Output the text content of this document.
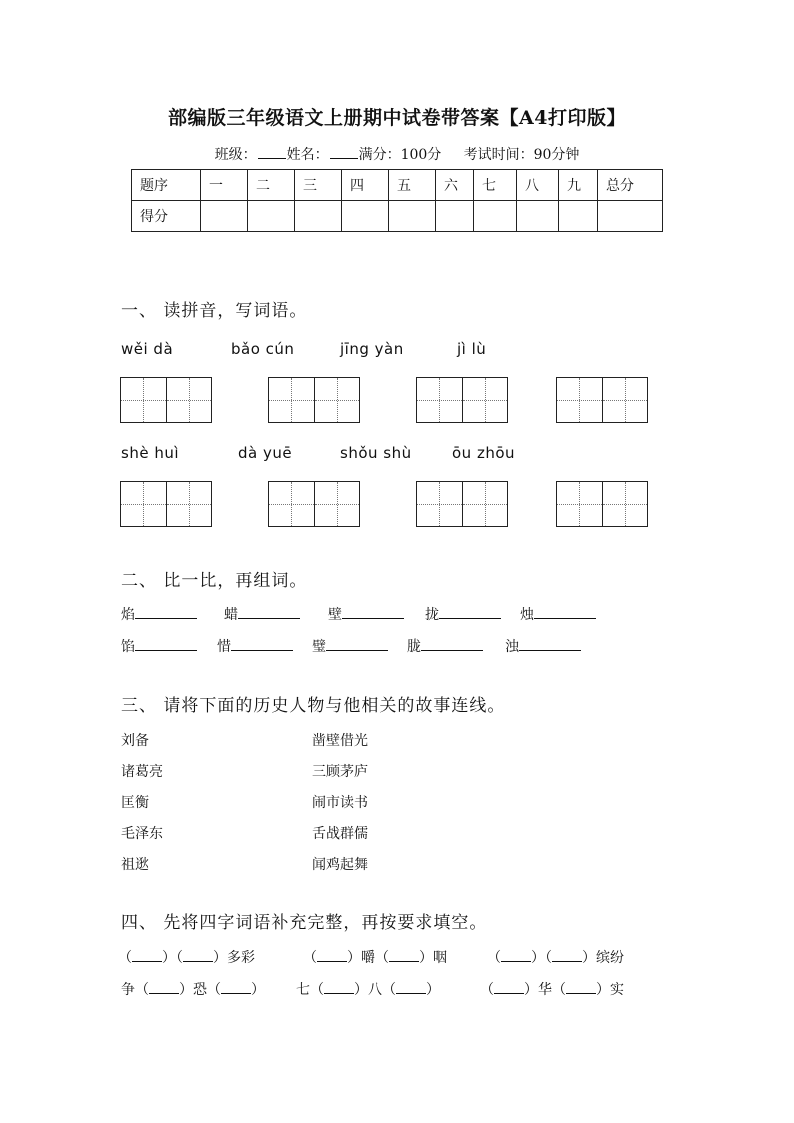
部编版三年级语文上册期中试卷带答案【A4打印版】
班级： 姓名： 满分：100分 考试时间：90分钟
题序	一	二	三	四	五	六	七	八	九	总分
得分										
一、 读拼音，写词语。
wěi dà	bǎo cún	jīng yàn	jì lù
shè huì	dà yuē	shǒu shù	ōu zhōu
二、 比一比，再组词。
焰	蜡	壁	拢	烛
馅	惜	璧	胧	浊
三、 请将下面的历史人物与他相关的故事连线。
刘备
诸葛亮
匡衡
毛泽东
祖逖
凿壁借光
三顾茅庐
闹市读书
舌战群儒
闻鸡起舞
四、 先将四字词语补充完整，再按要求填空。
（ ）（ ）多彩	（ ）嚼（ ）咽	（ ）（ ）缤纷
争（ ）恐（ ） 七（ ）八（ ）	（ ）华（ ）实
